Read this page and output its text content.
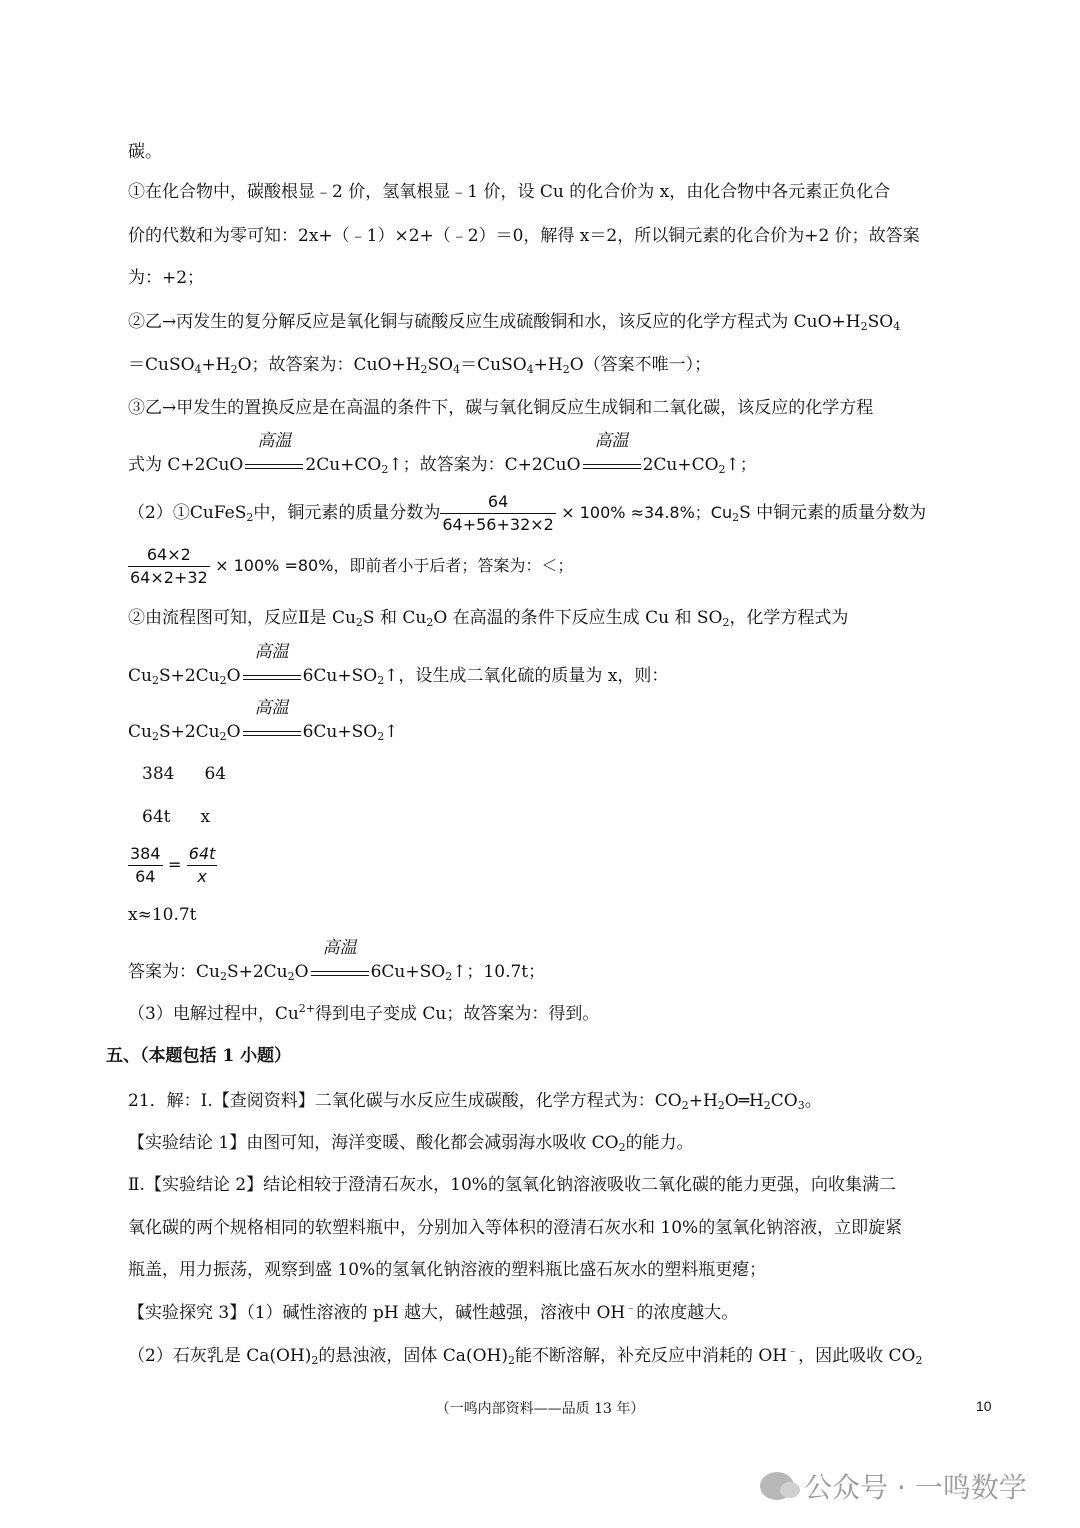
碳。
①在化合物中，碳酸根显﹣2 价，氢氧根显﹣1 价，设 Cu 的化合价为 x，由化合物中各元素正负化合
价的代数和为零可知：2x+（﹣1）×2+（﹣2）＝0，解得 x＝2，所以铜元素的化合价为+2 价；故答案
为：+2；
②乙→丙发生的复分解反应是氧化铜与硫酸反应生成硫酸铜和水，该反应的化学方程式为 $CuO+H_2SO_4$
$=CuSO_4+H_2O$；故答案为：$CuO+H_2SO_4=CuSO_4+H_2O$（答案不唯一）；
③乙→甲发生的置换反应是在高温的条件下，碳与氧化铜反应生成铜和二氧化碳，该反应的化学方程
式为 C+2CuO
高温
$2Cu+CO_2↑$；故答案为：C+2CuO
高温
$2Cu+CO_2↑$；
（2）①CuFeS$_2$中，铜元素的质量分数为 $\frac{64}{64+56+32\times 2} \times 100\% \approx 34.8\%$；$Cu_2S$ 中铜元素的质量分数为
$\frac{64\times 2}{64\times 2+32} \times 100\% =80\%$，即前者小于后者；答案为：＜；
②由流程图可知，反应Ⅱ是 $Cu_2S$ 和 $Cu_2O$ 在高温的条件下反应生成 Cu 和 $SO_2$，化学方程式为
$Cu_2S+2Cu_2O$
高温
$6Cu+SO_2↑$，设生成二氧化硫的质量为 x，则：
$Cu_2S+2Cu_2O$
高温
$6Cu+SO_2↑$
384 64
64t x
$\frac{384}{64} = \frac{64t}{x}$
x≈10.7t
答案为：$Cu_2S+2Cu_2O$
高温
$6Cu+SO_2↑$；10.7t；
（3）电解过程中，$Cu^{2+}$得到电子变成 Cu；故答案为：得到。
五、（本题包括 1 小题）
21．解：Ⅰ.【查阅资料】二氧化碳与水反应生成碳酸，化学方程式为：$CO_2+H_2O═H_2CO_3$。
【实验结论 1】由图可知，海洋变暖、酸化都会减弱海水吸收 $CO_2$的能力。
Ⅱ.【实验结论 2】结论相较于澄清石灰水，10%的氢氧化钠溶液吸收二氧化碳的能力更强，向收集满二
氧化碳的两个规格相同的软塑料瓶中，分别加入等体积的澄清石灰水和 10%的氢氧化钠溶液，立即旋紧
瓶盖，用力振荡，观察到盛 10%的氢氧化钠溶液的塑料瓶比盛石灰水的塑料瓶更瘪；
【实验探究 3】（1）碱性溶液的 pH 越大，碱性越强，溶液中 OH﹣的浓度越大。
（2）石灰乳是 $Ca(OH)_2$的悬浊液，固体 $Ca(OH)_2$能不断溶解，补充反应中消耗的 OH﹣，因此吸收 $CO_2$
（一鸣内部资料——品质 13 年）	10
公众号 · 一鸣数学
